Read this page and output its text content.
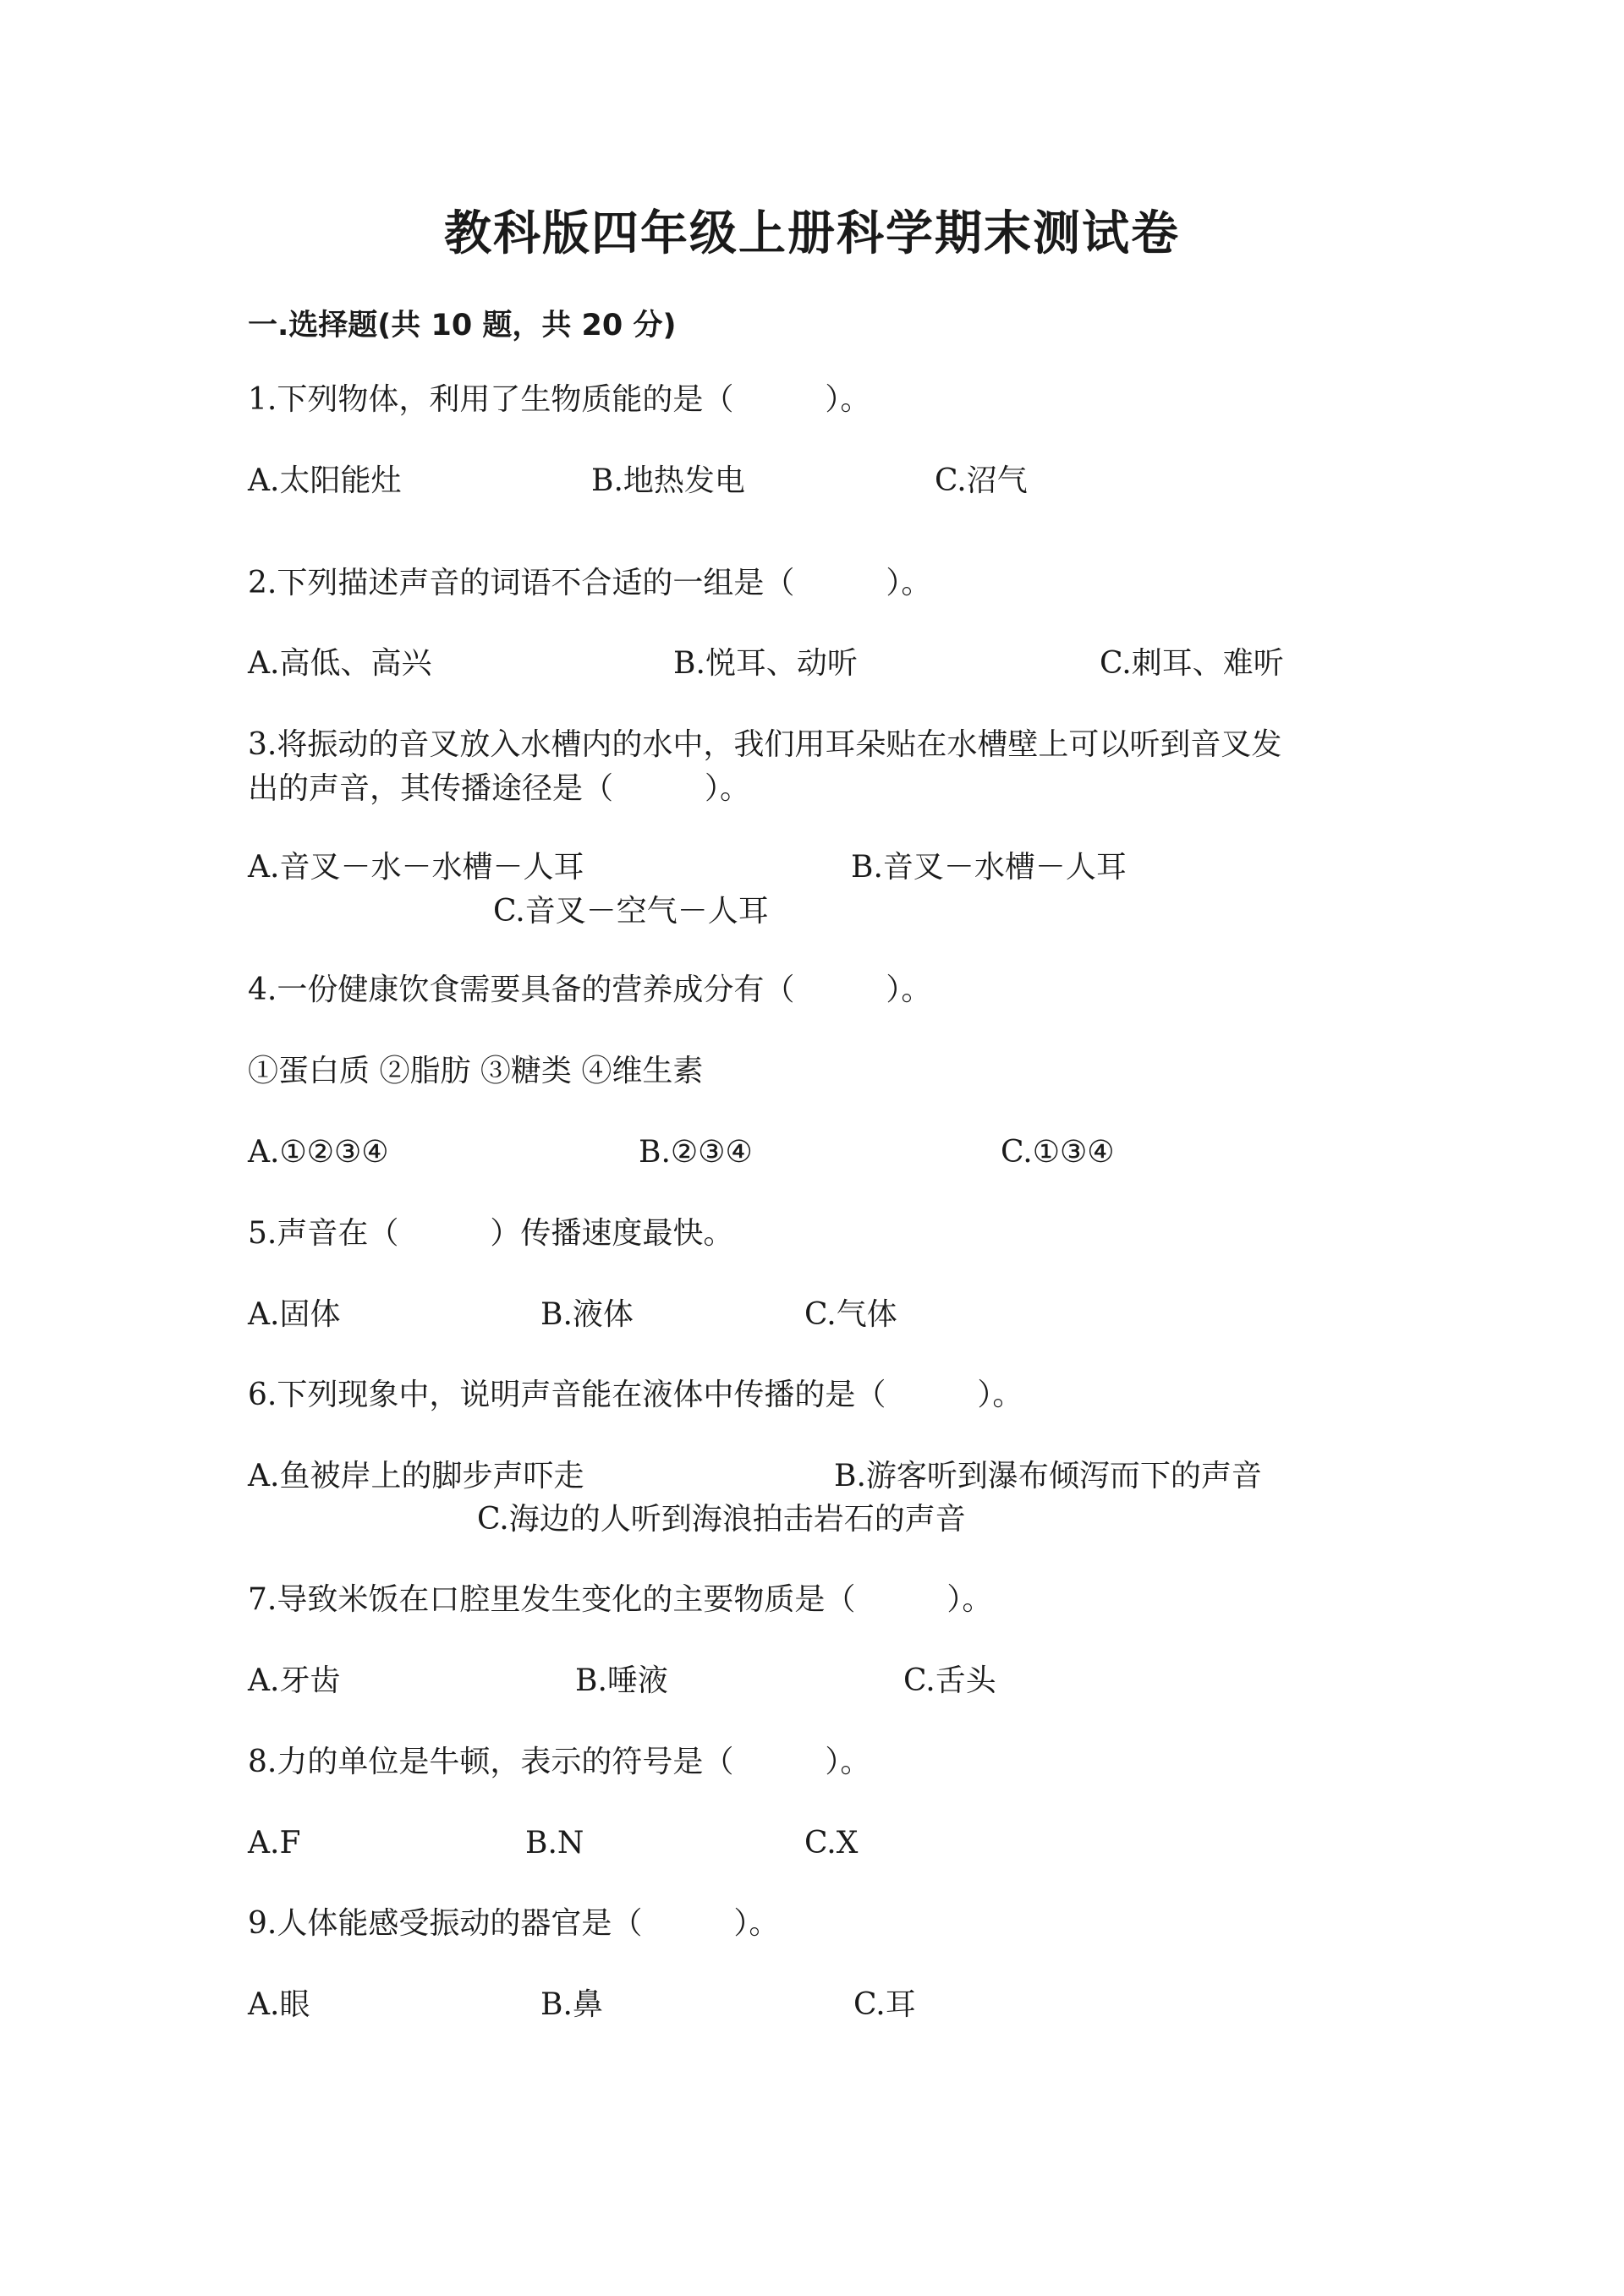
教科版四年级上册科学期末测试卷
一.选择题(共 10 题，共 20 分)
1.下列物体，利用了生物质能的是（　　　）。
A.太阳能灶	B.地热发电	C.沼气
2.下列描述声音的词语不合适的一组是（　　　）。
A.高低、高兴	B.悦耳、动听	C.刺耳、难听
3.将振动的音叉放入水槽内的水中，我们用耳朵贴在水槽壁上可以听到音叉发
出的声音，其传播途径是（　　　）。
A.音叉－水－水槽－人耳	B.音叉－水槽－人耳
C.音叉－空气－人耳
4.一份健康饮食需要具备的营养成分有（　　　）。
①蛋白质 ②脂肪 ③糖类 ④维生素
A.①②③④	B.②③④	C.①③④
5.声音在（　　　）传播速度最快。
A.固体	B.液体	C.气体
6.下列现象中，说明声音能在液体中传播的是（　　　）。
A.鱼被岸上的脚步声吓走	B.游客听到瀑布倾泻而下的声音
C.海边的人听到海浪拍击岩石的声音
7.导致米饭在口腔里发生变化的主要物质是（　　　）。
A.牙齿	B.唾液	C.舌头
8.力的单位是牛顿，表示的符号是（　　　）。
A.F	B.N	C.X
9.人体能感受振动的器官是（　　　）。
A.眼	B.鼻	C.耳
